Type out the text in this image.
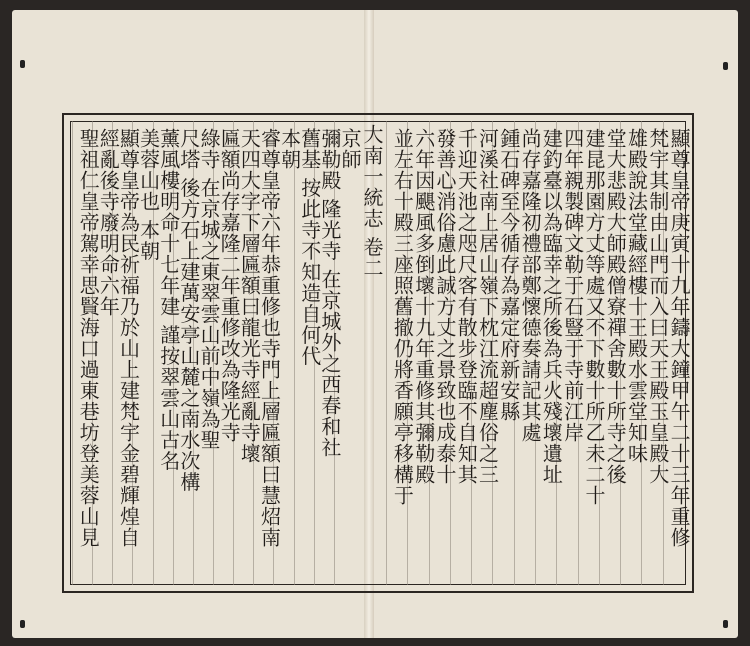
大南一統志 卷二	顯尊皇帝庚寅十九年鑄大鐘甲午二十三年重修
梵宇其制由山門而入曰天王殿玉皇殿大
雄殿說法堂藏經樓十王殿水雲堂知味
堂大悲殿大師殿僧寮禪舍數十所寺之後
建昆那園方丈等處又不下數十所乙未二十
四年親製碑文勒于石豎于寺前江岸
建釣臺以為臨幸之所後為兵火殘壞遺址
尚存嘉隆初禮部鄭懷德奏請記其處
鍾石碑至今循存為嘉定府新安縣
河溪社南上居山嶺下枕江流超塵俗之三
千迎天池之咫尺客有散步登臨不自知其
發善心消俗慮此誠方丈之景致也成泰十
六年因颶風多倒壞十九年重修其彌勒殿
並左右十殿三座照舊撤仍將香願亭移構于
京師
彌勒殿 隆光寺 在京城外之西春和社
舊基 按此寺不知造自何代
本朝
睿尊皇帝六年恭重修也寺門上層匾額曰慧炤南
天四大字下層匾額曰龍光寺經亂寺壞
匾額尚存嘉隆二年重修改為隆光寺
綠寺 在京城之東翠雲山前中嶺為聖
尺塔 後方石上建萬安亭山麓之南水次構
薰風樓明命十七年建 謹按翠雲山古名
美蓉山也 本朝
顯尊皇帝為民祈福乃於山上建梵宇金碧輝煌自
經亂後寺廢明命六年
聖祖仁皇帝駕幸思賢海口過東巷坊登美蓉山見
